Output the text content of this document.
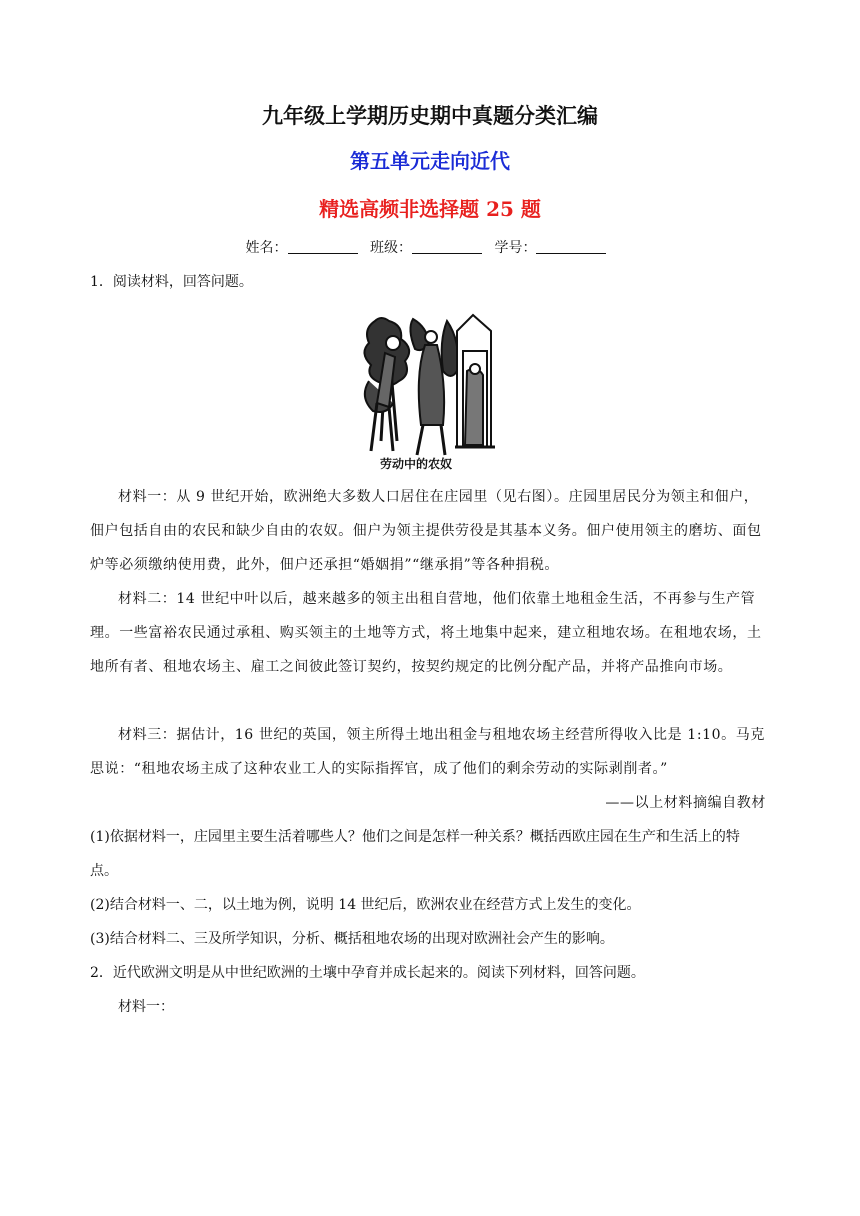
九年级上学期历史期中真题分类汇编
第五单元走向近代
精选高频非选择题 25 题
姓名：	班级：	学号：

1．阅读材料，回答问题。

劳动中的农奴

材料一：从 9 世纪开始，欧洲绝大多数人口居住在庄园里（见右图）。庄园里居民分为领主和佃户，佃户包括自由的农民和缺少自由的农奴。佃户为领主提供劳役是其基本义务。佃户使用领主的磨坊、面包炉等必须缴纳使用费，此外，佃户还承担“婚姻捐”“继承捐”等各种捐税。

材料二：14 世纪中叶以后，越来越多的领主出租自营地，他们依靠土地租金生活，不再参与生产管理。一些富裕农民通过承租、购买领主的土地等方式，将土地集中起来，建立租地农场。在租地农场，土地所有者、租地农场主、雇工之间彼此签订契约，按契约规定的比例分配产品，并将产品推向市场。

材料三：据估计，16 世纪的英国，领主所得土地出租金与租地农场主经营所得收入比是 1:10。马克思说：“租地农场主成了这种农业工人的实际指挥官，成了他们的剩余劳动的实际剥削者。”

——以上材料摘编自教材

(1)依据材料一，庄园里主要生活着哪些人？他们之间是怎样一种关系？概括西欧庄园在生产和生活上的特点。

(2)结合材料一、二，以土地为例，说明 14 世纪后，欧洲农业在经营方式上发生的变化。

(3)结合材料二、三及所学知识，分析、概括租地农场的出现对欧洲社会产生的影响。

2．近代欧洲文明是从中世纪欧洲的土壤中孕育并成长起来的。阅读下列材料，回答问题。

材料一：
